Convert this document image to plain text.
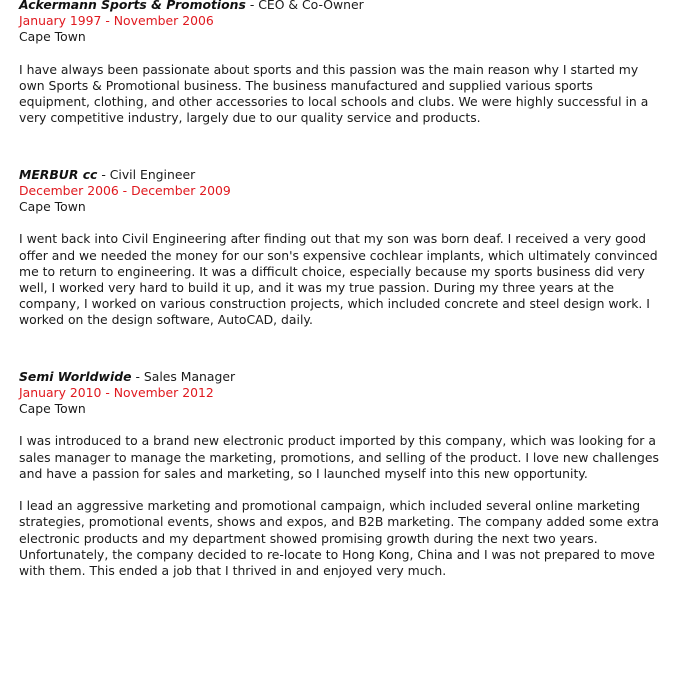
Ackermann Sports & Promotions - CEO & Co-Owner
January 1997 - November 2006
Cape Town

I have always been passionate about sports and this passion was the main reason why I started my own Sports & Promotional business. The business manufactured and supplied various sports equipment, clothing, and other accessories to local schools and clubs. We were highly successful in a very competitive industry, largely due to our quality service and products.

MERBUR cc - Civil Engineer
December 2006 - December 2009
Cape Town

I went back into Civil Engineering after finding out that my son was born deaf. I received a very good offer and we needed the money for our son's expensive cochlear implants, which ultimately convinced me to return to engineering. It was a difficult choice, especially because my sports business did very well, I worked very hard to build it up, and it was my true passion. During my three years at the company, I worked on various construction projects, which included concrete and steel design work. I worked on the design software, AutoCAD, daily.

Semi Worldwide - Sales Manager
January 2010 - November 2012
Cape Town

I was introduced to a brand new electronic product imported by this company, which was looking for a sales manager to manage the marketing, promotions, and selling of the product. I love new challenges and have a passion for sales and marketing, so I launched myself into this new opportunity.

I lead an aggressive marketing and promotional campaign, which included several online marketing strategies, promotional events, shows and expos, and B2B marketing. The company added some extra electronic products and my department showed promising growth during the next two years. Unfortunately, the company decided to re-locate to Hong Kong, China and I was not prepared to move with them. This ended a job that I thrived in and enjoyed very much.
